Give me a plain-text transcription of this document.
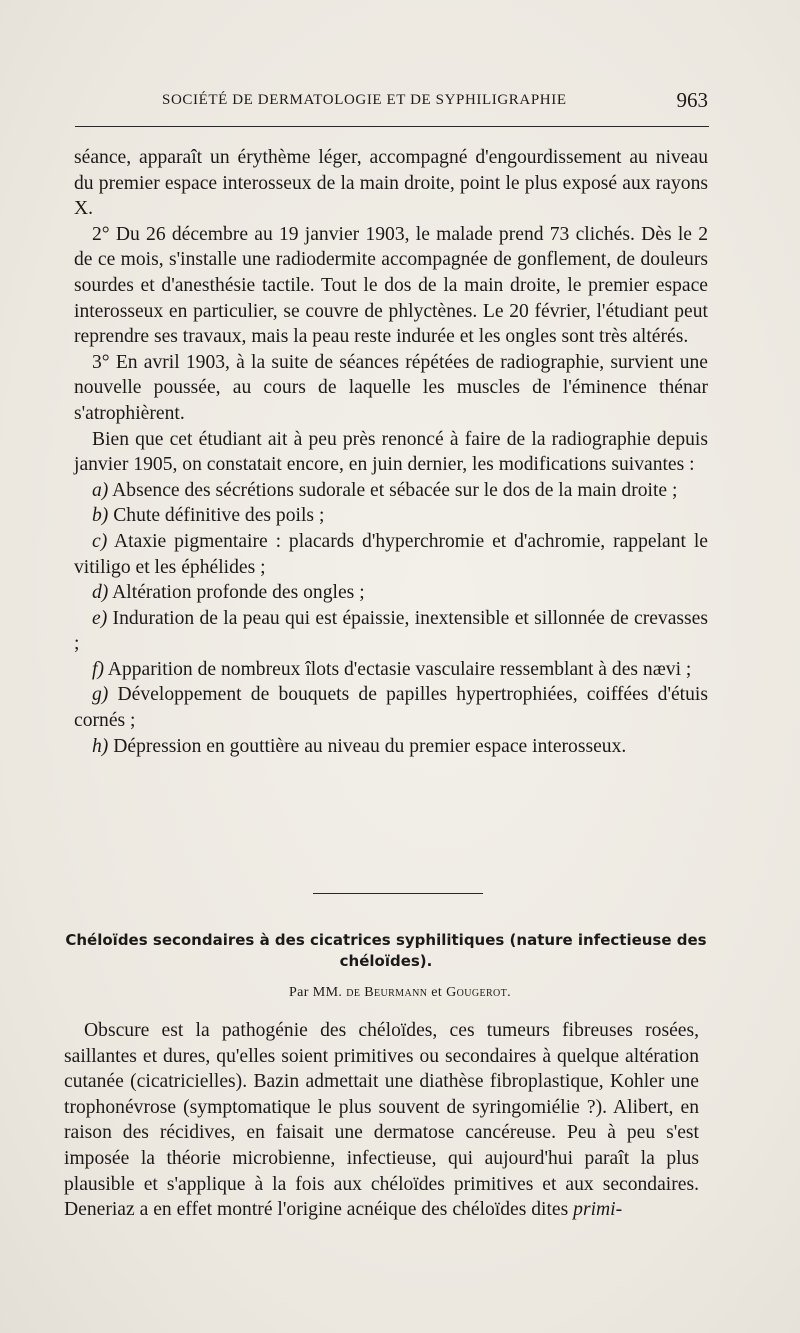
SOCIÉTÉ DE DERMATOLOGIE ET DE SYPHILIGRAPHIE	963

séance, apparaît un érythème léger, accompagné d'engourdissement au niveau du premier espace interosseux de la main droite, point le plus exposé aux rayons X.

2° Du 26 décembre au 19 janvier 1903, le malade prend 73 clichés. Dès le 2 de ce mois, s'installe une radiodermite accompagnée de gonflement, de douleurs sourdes et d'anesthésie tactile. Tout le dos de la main droite, le premier espace interosseux en particulier, se couvre de phlyctènes. Le 20 février, l'étudiant peut reprendre ses travaux, mais la peau reste indurée et les ongles sont très altérés.

3° En avril 1903, à la suite de séances répétées de radiographie, survient une nouvelle poussée, au cours de laquelle les muscles de l'éminence thénar s'atrophièrent.

Bien que cet étudiant ait à peu près renoncé à faire de la radiographie depuis janvier 1905, on constatait encore, en juin dernier, les modifications suivantes :

a) Absence des sécrétions sudorale et sébacée sur le dos de la main droite ;

b) Chute définitive des poils ;

c) Ataxie pigmentaire : placards d'hyperchromie et d'achromie, rappelant le vitiligo et les éphélides ;

d) Altération profonde des ongles ;

e) Induration de la peau qui est épaissie, inextensible et sillonnée de crevasses ;

f) Apparition de nombreux îlots d'ectasie vasculaire ressemblant à des nævi ;

g) Développement de bouquets de papilles hypertrophiées, coiffées d'étuis cornés ;

h) Dépression en gouttière au niveau du premier espace interosseux.

Chéloïdes secondaires à des cicatrices syphilitiques (nature infectieuse des chéloïdes).
Par MM. de Beurmann et Gougerot.

Obscure est la pathogénie des chéloïdes, ces tumeurs fibreuses rosées, saillantes et dures, qu'elles soient primitives ou secondaires à quelque altération cutanée (cicatricielles). Bazin admettait une diathèse fibroplastique, Kohler une trophonévrose (symptomatique le plus souvent de syringomiélie ?). Alibert, en raison des récidives, en faisait une dermatose cancéreuse. Peu à peu s'est imposée la théorie microbienne, infectieuse, qui aujourd'hui paraît la plus plausible et s'applique à la fois aux chéloïdes primitives et aux secondaires. Deneriaz a en effet montré l'origine acnéique des chéloïdes dites primi-
